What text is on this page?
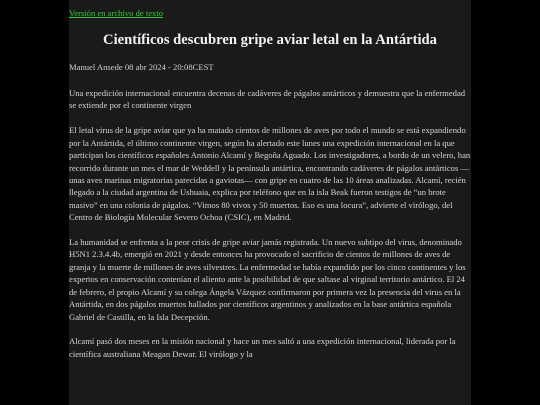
Versión en archivo de texto
Científicos descubren gripe aviar letal en la Antártida
Manuel Ansede 08 abr 2024 - 20:08CEST

Una expedición internacional encuentra decenas de cadáveres de págalos antárticos y demuestra que la enfermedad se extiende por el continente virgen

El letal virus de la gripe aviar que ya ha matado cientos de millones de aves por todo el mundo se está expandiendo por la Antártida, el último continente virgen, según ha alertado este lunes una expedición internacional en la que participan los científicos españoles Antonio Alcamí y Begoña Aguado. Los investigadores, a bordo de un velero, han recorrido durante un mes el mar de Weddell y la península antártica, encontrando cadáveres de págalos antárticos —unas aves marinas migratorias parecidas a gaviotas— con gripe en cuatro de las 10 áreas analizadas. Alcamí, recién llegado a la ciudad argentina de Ushuaia, explica por teléfono que en la isla Beak fueron testigos de “un brote masivo” en una colonia de págalos. “Vimos 80 vivos y 50 muertos. Eso es una locura”, advierte el virólogo, del Centro de Biología Molecular Severo Ochoa (CSIC), en Madrid.

La humanidad se enfrenta a la peor crisis de gripe aviar jamás registrada. Un nuevo subtipo del virus, denominado H5N1 2.3.4.4b, emergió en 2021 y desde entonces ha provocado el sacrificio de cientos de millones de aves de granja y la muerte de millones de aves silvestres. La enfermedad se había expandido por los cinco continentes y los expertos en conservación contenían el aliento ante la posibilidad de que saltase al virginal territorio antártico. El 24 de febrero, el propio Alcamí y su colega Ángela Vázquez confirmaron por primera vez la presencia del virus en la Antártida, en dos págalos muertos hallados por científicos argentinos y analizados en la base antártica española Gabriel de Castilla, en la Isla Decepción.

Alcamí pasó dos meses en la misión nacional y hace un mes saltó a una expedición internacional, liderada por la científica australiana Meagan Dewar. El virólogo y la
